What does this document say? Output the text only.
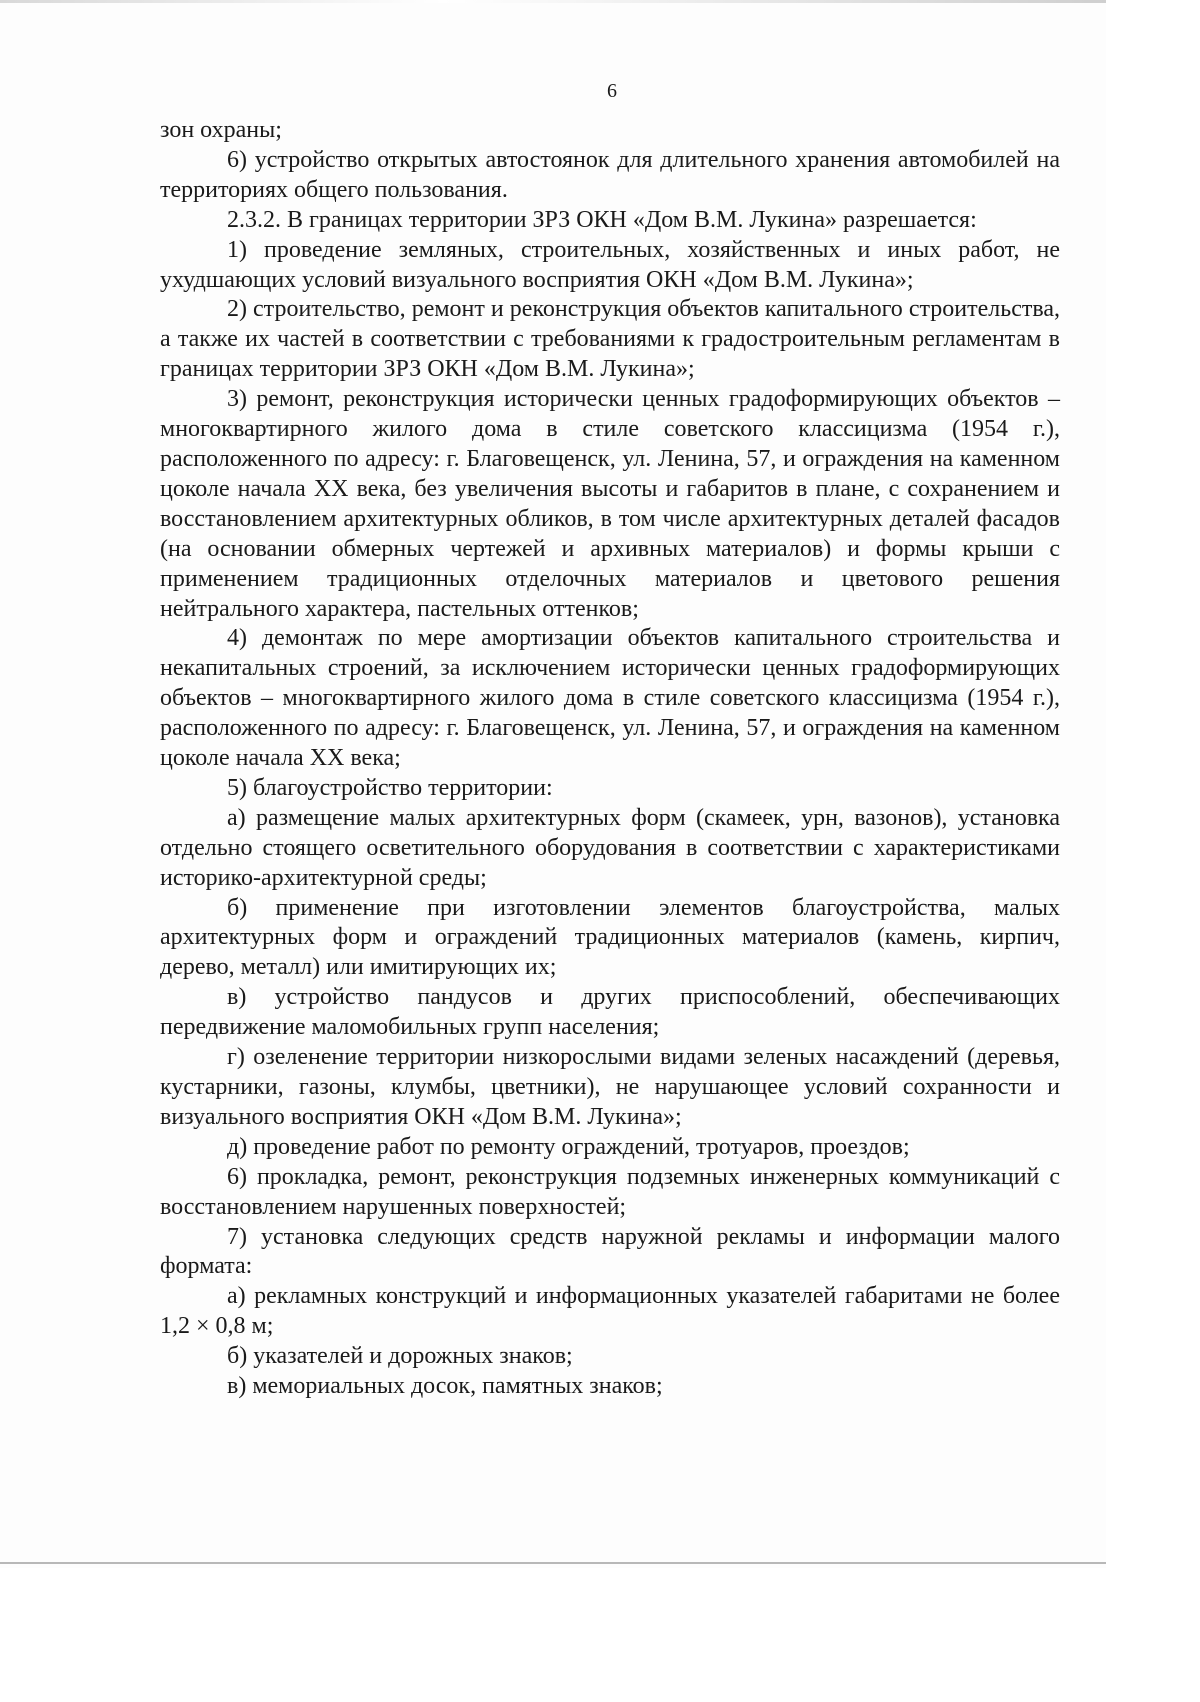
6

зон охраны;

6) устройство открытых автостоянок для длительного хранения автомобилей на территориях общего пользования.

2.3.2. В границах территории ЗРЗ ОКН «Дом В.М. Лукина» разрешается:

1) проведение земляных, строительных, хозяйственных и иных работ, не ухудшающих условий визуального восприятия ОКН «Дом В.М. Лукина»;

2) строительство, ремонт и реконструкция объектов капитального строительства, а также их частей в соответствии с требованиями к градостроительным регламентам в границах территории ЗРЗ ОКН «Дом В.М. Лукина»;

3) ремонт, реконструкция исторически ценных градоформирующих объектов – многоквартирного жилого дома в стиле советского классицизма (1954 г.), расположенного по адресу: г. Благовещенск, ул. Ленина, 57, и ограждения на каменном цоколе начала XX века, без увеличения высоты и габаритов в плане, с сохранением и восстановлением архитектурных обликов, в том числе архитектурных деталей фасадов (на основании обмерных чертежей и архивных материалов) и формы крыши с применением традиционных отделочных материалов и цветового решения нейтрального характера, пастельных оттенков;

4) демонтаж по мере амортизации объектов капитального строительства и некапитальных строений, за исключением исторически ценных градоформирующих объектов – многоквартирного жилого дома в стиле советского классицизма (1954 г.), расположенного по адресу: г. Благовещенск, ул. Ленина, 57, и ограждения на каменном цоколе начала XX века;

5) благоустройство территории:

а) размещение малых архитектурных форм (скамеек, урн, вазонов), установка отдельно стоящего осветительного оборудования в соответствии с характеристиками историко-архитектурной среды;

б) применение при изготовлении элементов благоустройства, малых архитектурных форм и ограждений традиционных материалов (камень, кирпич, дерево, металл) или имитирующих их;

в) устройство пандусов и других приспособлений, обеспечивающих передвижение маломобильных групп населения;

г) озеленение территории низкорослыми видами зеленых насаждений (деревья, кустарники, газоны, клумбы, цветники), не нарушающее условий сохранности и визуального восприятия ОКН «Дом В.М. Лукина»;

д) проведение работ по ремонту ограждений, тротуаров, проездов;

6) прокладка, ремонт, реконструкция подземных инженерных коммуникаций с восстановлением нарушенных поверхностей;

7) установка следующих средств наружной рекламы и информации малого формата:

а) рекламных конструкций и информационных указателей габаритами не более 1,2 × 0,8 м;

б) указателей и дорожных знаков;

в) мемориальных досок, памятных знаков;
